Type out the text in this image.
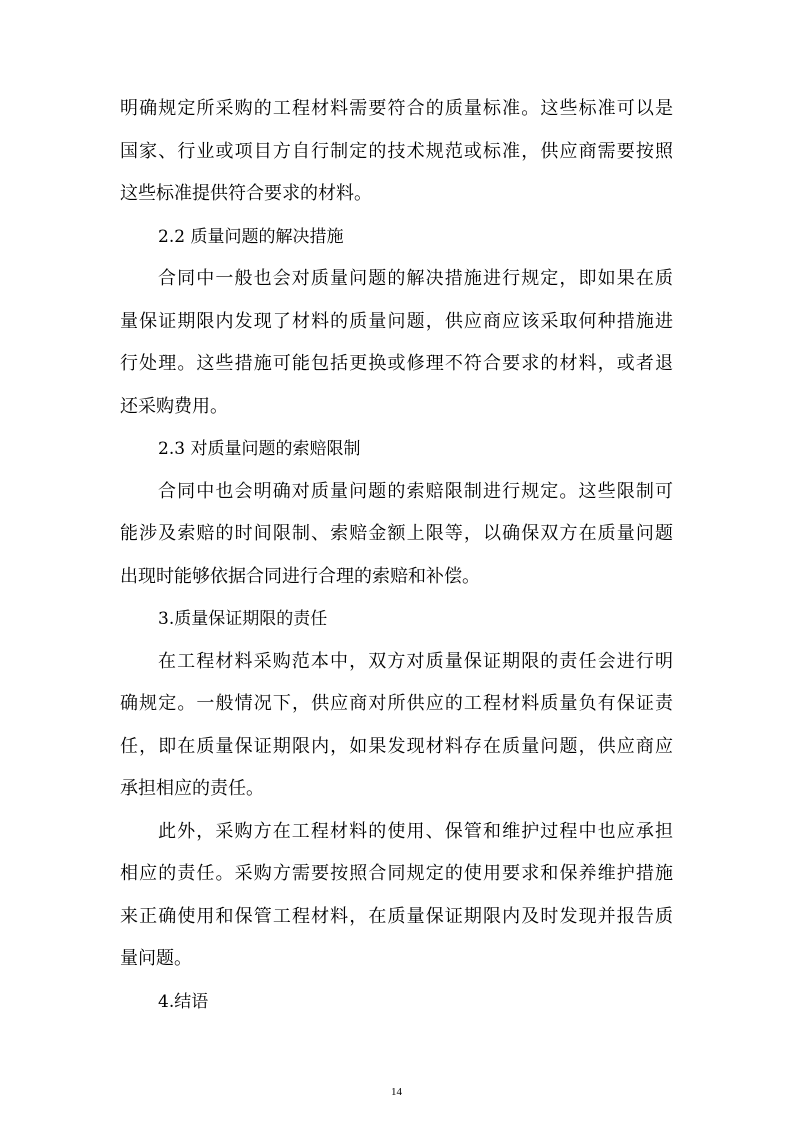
明确规定所采购的工程材料需要符合的质量标准。这些标准可以是
国家、行业或项目方自行制定的技术规范或标准，供应商需要按照
这些标准提供符合要求的材料。
2.2 质量问题的解决措施
合同中一般也会对质量问题的解决措施进行规定，即如果在质
量保证期限内发现了材料的质量问题，供应商应该采取何种措施进
行处理。这些措施可能包括更换或修理不符合要求的材料，或者退
还采购费用。
2.3 对质量问题的索赔限制
合同中也会明确对质量问题的索赔限制进行规定。这些限制可
能涉及索赔的时间限制、索赔金额上限等，以确保双方在质量问题
出现时能够依据合同进行合理的索赔和补偿。
3.质量保证期限的责任
在工程材料采购范本中，双方对质量保证期限的责任会进行明
确规定。一般情况下，供应商对所供应的工程材料质量负有保证责
任，即在质量保证期限内，如果发现材料存在质量问题，供应商应
承担相应的责任。
此外，采购方在工程材料的使用、保管和维护过程中也应承担
相应的责任。采购方需要按照合同规定的使用要求和保养维护措施
来正确使用和保管工程材料，在质量保证期限内及时发现并报告质
量问题。
4.结语
14
